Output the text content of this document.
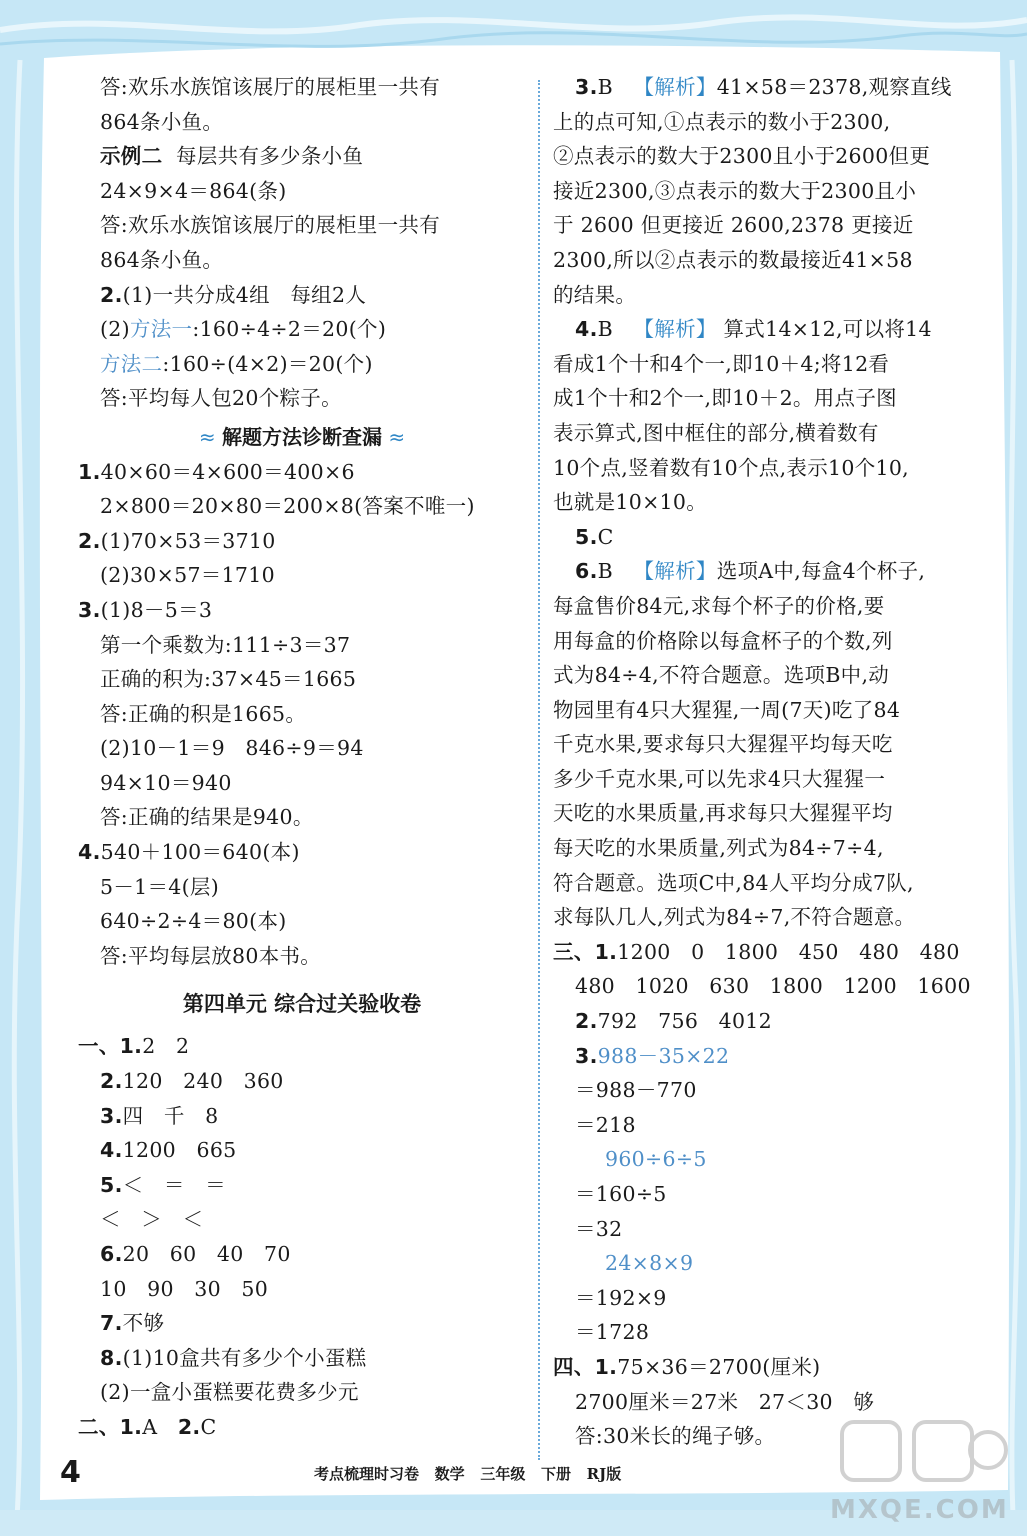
答:欢乐水族馆该展厅的展柜里一共有
864条小鱼。
示例二  每层共有多少条小鱼
24×9×4＝864(条)
答:欢乐水族馆该展厅的展柜里一共有
864条小鱼。
2.(1)一共分成4组   每组2人
(2)方法一:160÷4÷2＝20(个)
方法二:160÷(4×2)＝20(个)
答:平均每人包20个粽子。
≈ 解题方法诊断查漏 ≈
1.40×60＝4×600＝400×6
2×800＝20×80＝200×8(答案不唯一)
2.(1)70×53＝3710
(2)30×57＝1710
3.(1)8－5＝3
第一个乘数为:111÷3＝37
正确的积为:37×45＝1665
答:正确的积是1665。
(2)10－1＝9   846÷9＝94
94×10＝940
答:正确的结果是940。
4.540＋100＝640(本)
5－1＝4(层)
640÷2÷4＝80(本)
答:平均每层放80本书。
第四单元 综合过关验收卷
一、1.2   2
2.120   240   360
3.四   千   8
4.1200   665
5.＜   ＝   ＝
＜   ＞   ＜
6.20   60   40   70
10   90   30   50
7.不够
8.(1)10盒共有多少个小蛋糕
(2)一盒小蛋糕要花费多少元
二、1.A   2.C
3.B   【解析】41×58＝2378,观察直线
上的点可知,①点表示的数小于2300,
②点表示的数大于2300且小于2600但更
接近2300,③点表示的数大于2300且小
于 2600 但更接近 2600,2378 更接近
2300,所以②点表示的数最接近41×58
的结果。
4.B   【解析】 算式14×12,可以将14
看成1个十和4个一,即10＋4;将12看
成1个十和2个一,即10＋2。用点子图
表示算式,图中框住的部分,横着数有
10个点,竖着数有10个点,表示10个10,
也就是10×10。
5.C
6.B   【解析】选项A中,每盒4个杯子,
每盒售价84元,求每个杯子的价格,要
用每盒的价格除以每盒杯子的个数,列
式为84÷4,不符合题意。选项B中,动
物园里有4只大猩猩,一周(7天)吃了84
千克水果,要求每只大猩猩平均每天吃
多少千克水果,可以先求4只大猩猩一
天吃的水果质量,再求每只大猩猩平均
每天吃的水果质量,列式为84÷7÷4,
符合题意。选项C中,84人平均分成7队,
求每队几人,列式为84÷7,不符合题意。
三、1.1200   0   1800   450   480   480
480   1020   630   1800   1200   1600
2.792   756   4012
3.988－35×22
＝988－770
＝218
960÷6÷5
＝160÷5
＝32
24×8×9
＝192×9
＝1728
四、1.75×36＝2700(厘米)
2700厘米＝27米   27＜30   够
答:30米长的绳子够。
4	考点梳理时习卷   数学   三年级   下册   RJ版
MXQE.COM
